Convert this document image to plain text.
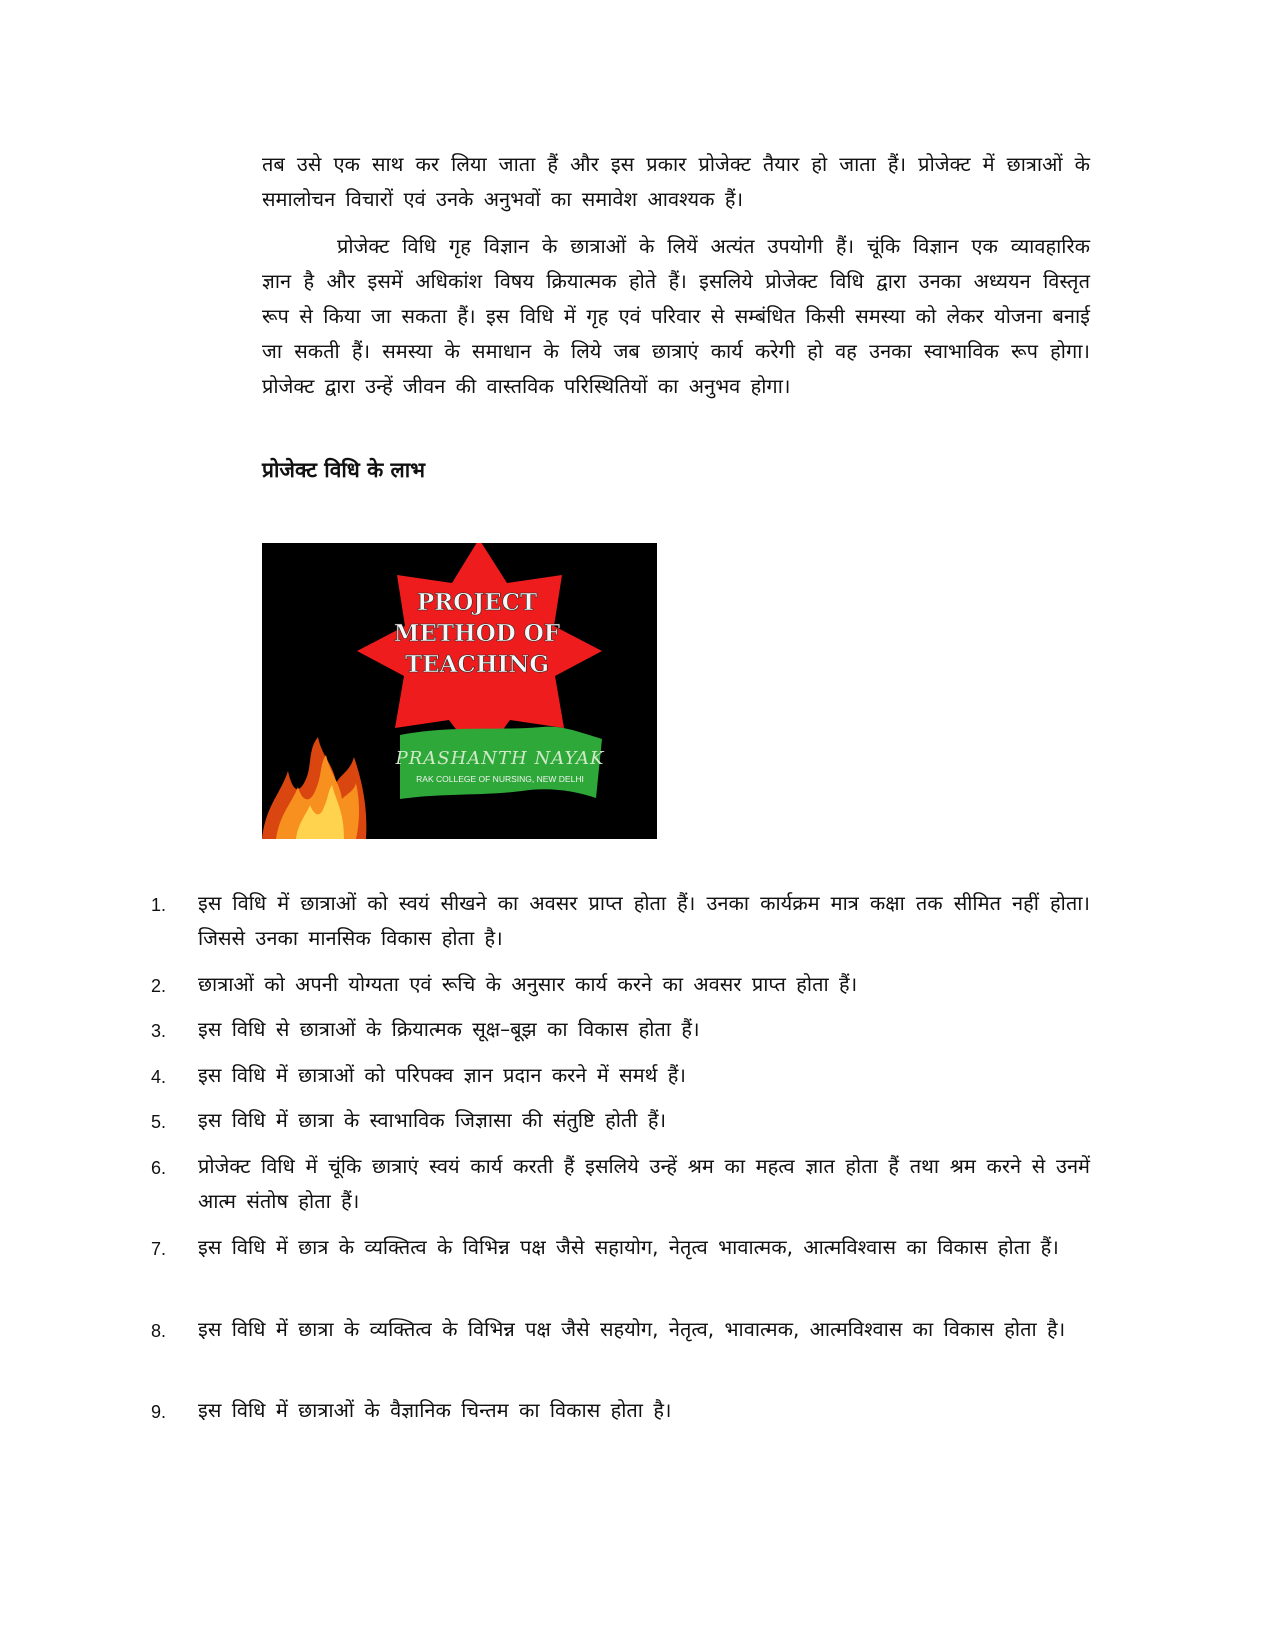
तब उसे एक साथ कर लिया जाता हैं और इस प्रकार प्रोजेक्ट तैयार हो जाता हैं। प्रोजेक्ट में छात्राओं के समालोचन विचारों एवं उनके अनुभवों का समावेश आवश्यक हैं।

प्रोजेक्ट विधि गृह विज्ञान के छात्राओं के लियें अत्यंत उपयोगी हैं। चूंकि विज्ञान एक व्यावहारिक ज्ञान है और इसमें अधिकांश विषय क्रियात्मक होते हैं। इसलिये प्रोजेक्ट विधि द्वारा उनका अध्ययन विस्तृत रूप से किया जा सकता हैं। इस विधि में गृह एवं परिवार से सम्बंधित किसी समस्या को लेकर योजना बनाई जा सकती हैं। समस्या के समाधान के लिये जब छात्राएं कार्य करेगी हो वह उनका स्वाभाविक रूप होगा। प्रोजेक्ट द्वारा उन्हें जीवन की वास्तविक परिस्थितियों का अनुभव होगा।

प्रोजेक्ट विधि के लाभ
PROJECT
METHOD OF
TEACHING
PRASHANTH NAYAK
RAK COLLEGE OF NURSING, NEW DELHI
1.	इस विधि में छात्राओं को स्वयं सीखने का अवसर प्राप्त होता हैं। उनका कार्यक्रम मात्र कक्षा तक सीमित नहीं होता। जिससे उनका मानसिक विकास होता है।
2.	छात्राओं को अपनी योग्यता एवं रूचि के अनुसार कार्य करने का अवसर प्राप्त होता हैं।
3.	इस विधि से छात्राओं के क्रियात्मक सूक्ष–बूझ का विकास होता हैं।
4.	इस विधि में छात्राओं को परिपक्व ज्ञान प्रदान करने में समर्थ हैं।
5.	इस विधि में छात्रा के स्वाभाविक जिज्ञासा की संतुष्टि होती हैं।
6.	प्रोजेक्ट विधि में चूंकि छात्राएं स्वयं कार्य करती हैं इसलिये उन्हें श्रम का महत्व ज्ञात होता हैं तथा श्रम करने से उनमें आत्म संतोष होता हैं।
7.	इस विधि में छात्र के व्यक्तित्व के विभिन्न पक्ष जैसे सहायोग, नेतृत्व भावात्मक, आत्मविश्वास का विकास होता हैं।
8.	इस विधि में छात्रा के व्यक्तित्व के विभिन्न पक्ष जैसे सहयोग, नेतृत्व, भावात्मक, आत्मविश्वास का विकास होता है।
9.	इस विधि में छात्राओं के वैज्ञानिक चिन्तम का विकास होता है।
